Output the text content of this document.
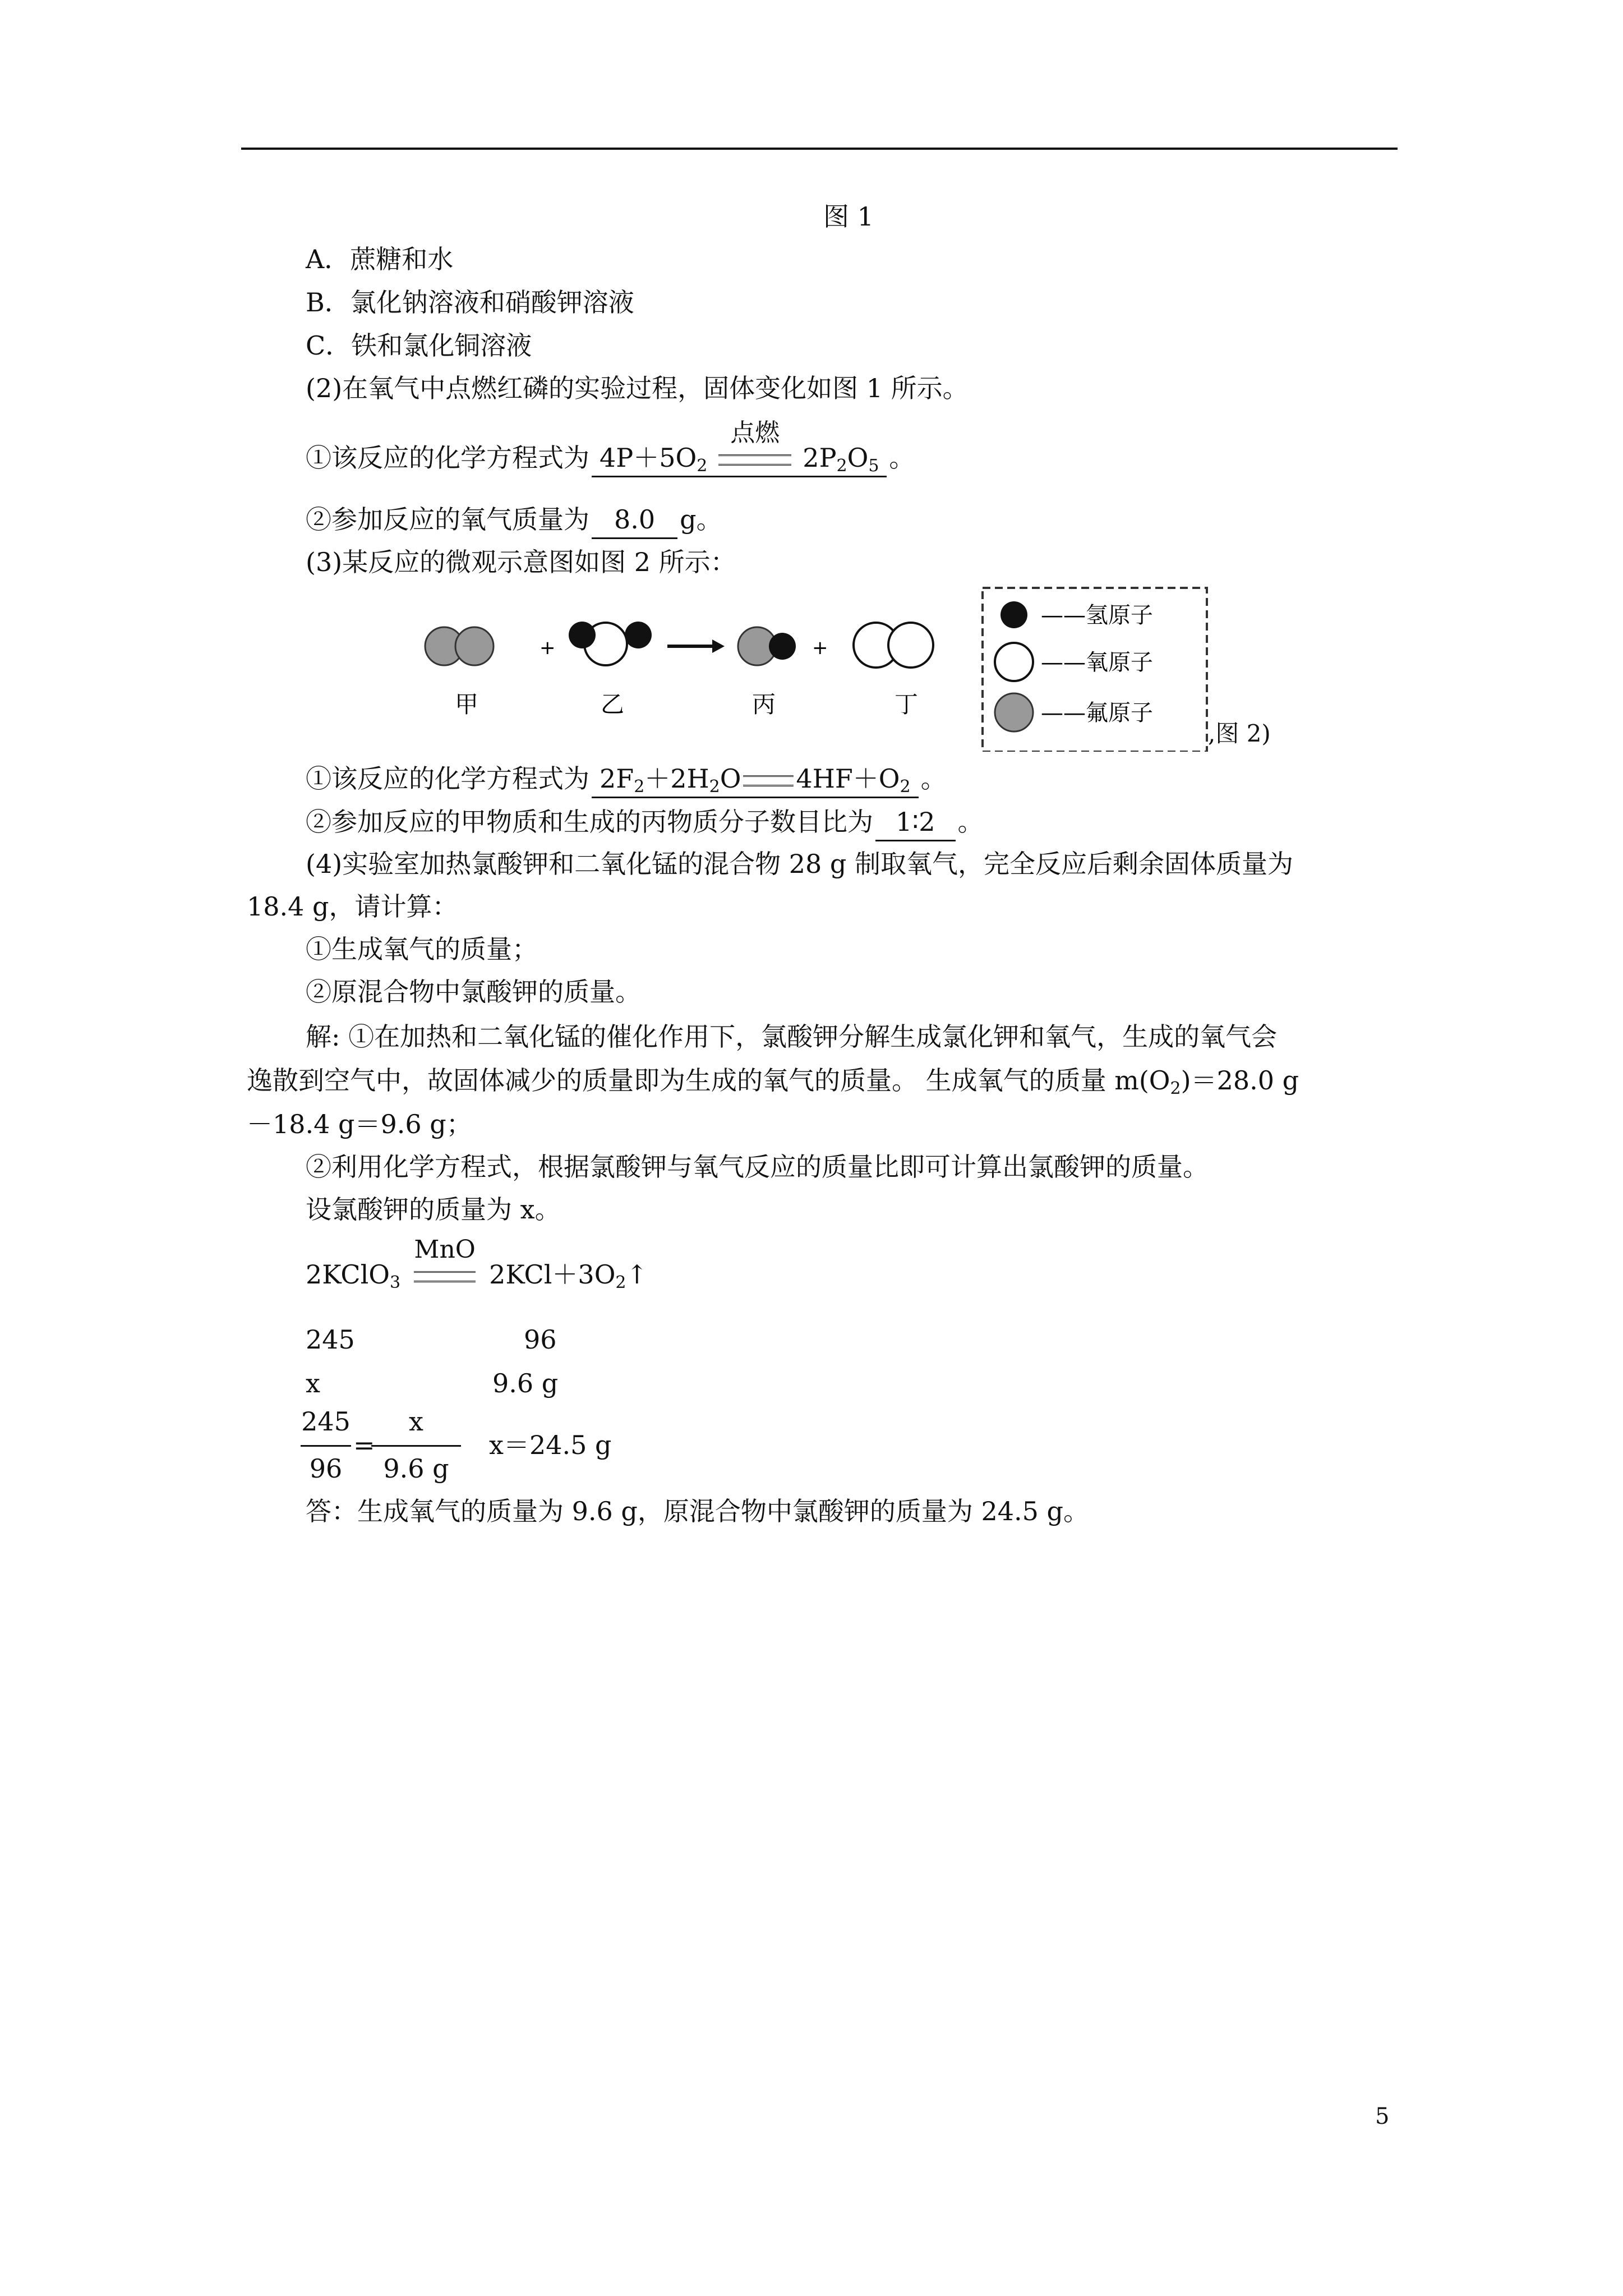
图 1
A．蔗糖和水
B．氯化钠溶液和硝酸钾溶液
C．铁和氯化铜溶液
(2)在氧气中点燃红磷的实验过程，固体变化如图 1 所示。
①该反应的化学方程式为 $4P+5O_2$
点燃
$2P_2O_5$ 。
②参加反应的氧气质量为 8.0 g。
(3)某反应的微观示意图如图 2 所示：
+	+
甲	乙	丙	丁
——氢原子
——氧原子
——氟原子
,图 2)
①该反应的化学方程式为 $2F_2+2H_2O$ $4HF+O_2$ 。
②参加反应的甲物质和生成的丙物质分子数目比为 1∶2 。
(4)实验室加热氯酸钾和二氧化锰的混合物 28 g 制取氧气，完全反应后剩余固体质量为
18.4 g，请计算：
①生成氧气的质量；
②原混合物中氯酸钾的质量。
解: ①在加热和二氧化锰的催化作用下，氯酸钾分解生成氯化钾和氧气，生成的氧气会
逸散到空气中，故固体减少的质量即为生成的氧气的质量。 生成氧气的质量 $m(O_2)=28.0$ g
－18.4 g＝9.6 g；
②利用化学方程式，根据氯酸钾与氧气反应的质量比即可计算出氯酸钾的质量。
设氯酸钾的质量为 x。
2KClO$_3$
MnO
$2KCl+3O_2↑$
245	96
x	9.6 g
245
96
=
x
9.6 g
x＝24.5 g
答：生成氧气的质量为 9.6 g，原混合物中氯酸钾的质量为 24.5 g。
5
